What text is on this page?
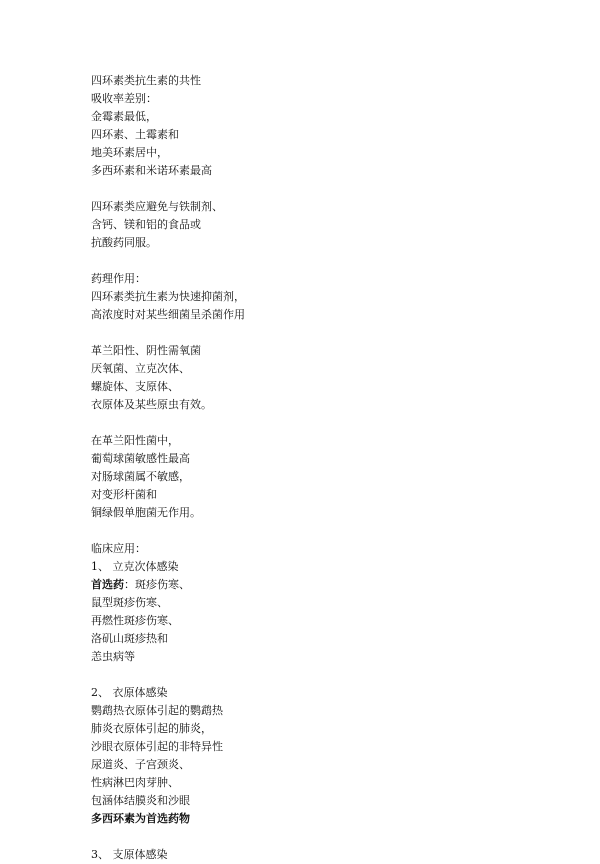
四环素类抗生素的共性
吸收率差别：
金霉素最低，
四环素、土霉素和
地美环素居中，
多西环素和米诺环素最高
四环素类应避免与铁制剂、
含钙、镁和铝的食品或
抗酸药同服。
药理作用：
四环素类抗生素为快速抑菌剂，
高浓度时对某些细菌呈杀菌作用
革兰阳性、阴性需氧菌
厌氧菌、立克次体、
螺旋体、支原体、
衣原体及某些原虫有效。
在革兰阳性菌中，
葡萄球菌敏感性最高
对肠球菌属不敏感，
对变形杆菌和
铜绿假单胞菌无作用。
临床应用：
1、 立克次体感染
首选药：斑疹伤寒、
鼠型斑疹伤寒、
再燃性斑疹伤寒、
洛矶山斑疹热和
恙虫病等
2、 衣原体感染
鹦鹉热衣原体引起的鹦鹉热
肺炎衣原体引起的肺炎，
沙眼衣原体引起的非特异性
尿道炎、子宫颈炎、
性病淋巴肉芽肿、
包涵体结膜炎和沙眼
多西环素为首选药物
3、 支原体感染
